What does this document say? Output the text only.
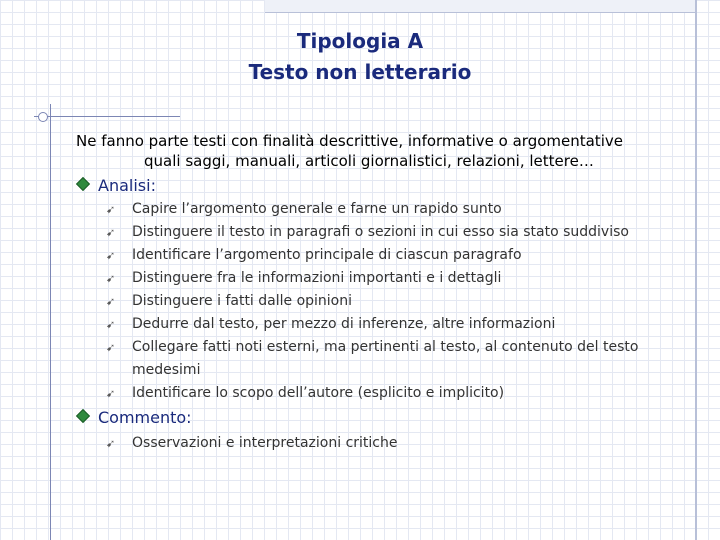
Tipologia A
Testo non letterario
Ne fanno parte testi con finalità descrittive, informative o argomentative
quali saggi, manuali, articoli giornalistici, relazioni, lettere…
Analisi:
➹	Capire l’argomento generale e farne un rapido sunto
➹	Distinguere il testo in paragrafi o sezioni in cui esso sia stato suddiviso
➹	Identificare l’argomento principale di ciascun paragrafo
➹	Distinguere fra le informazioni importanti e i dettagli
➹	Distinguere i fatti dalle opinioni
➹	Dedurre dal testo, per mezzo di inferenze, altre informazioni
➹	Collegare fatti noti esterni, ma pertinenti al testo, al contenuto del testo medesimi
➹	Identificare lo scopo dell’autore (esplicito e implicito)
Commento:
➹	Osservazioni e interpretazioni critiche
